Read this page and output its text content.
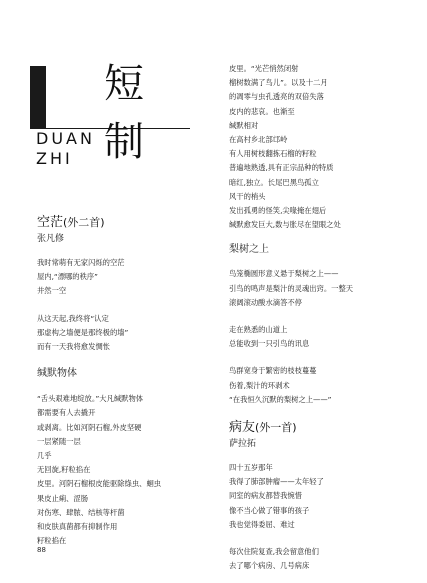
短
制
DUAN
ZHI
空茫(外二首)
张凡修
我时常萌有无家闪烁的空茫
屋内,“漂哪的秩序”
井然一空
从这天起,我终将“认定
那虚构之墙便是那终极的墙”
而有一天我将愈发惆怅
缄默物体
“舌头艰难地绽放。”大凡缄默物体
都需要有人去撬开
或剥离。比如河阴石榴,外皮坚硬
一层紧随一层
几乎
无回旋,籽粒掐在
皮里。河阴石榴根皮能驱除绦虫、蛔虫
果皮止痢、涩肠
对伤寒、肆脓、结核等杆菌
和皮肤真菌都有抑制作用
籽粒掐在
皮里。“光芒悄然闭射
榴树数满了鸟儿”。以及十二月
的凋零与虫孔透亮的双倍失落
皮内的悲哀。也渐至
缄默相对
在高村乡北部邙岭
有人用树枝翻拣石榴的籽粒
普遍地熟透,具有正宗品种的特质
暗红,独立。长尾巴黑鸟孤立
风干的梢头
发出孤勇的怪笑,尖喙掩在翅后
缄默愈发巨大,数与胀尽在望眼之处
梨树之上
鸟笼椭圆形意义悬于梨树之上——
引鸟的鸣声是梨汁的灵魂出窍。一整天
滚阔滚动酸水滴答不停
走在熟悉的山道上
总能收到一只引鸟的讯息
鸟群宽身于繁密的枝枝蔓蔓
伤着,梨汁的环剥术
“在我恒久沉默的梨树之上——”
病友(外一首)
萨拉拓
四十五岁那年
我得了肺部肿瘤——太年轻了
同室的病友都替我惋惜
像不当心做了错事的孩子
我也觉得委屈、难过
每次住院复查,我会留意他们
去了哪个病房、几号病床
88
